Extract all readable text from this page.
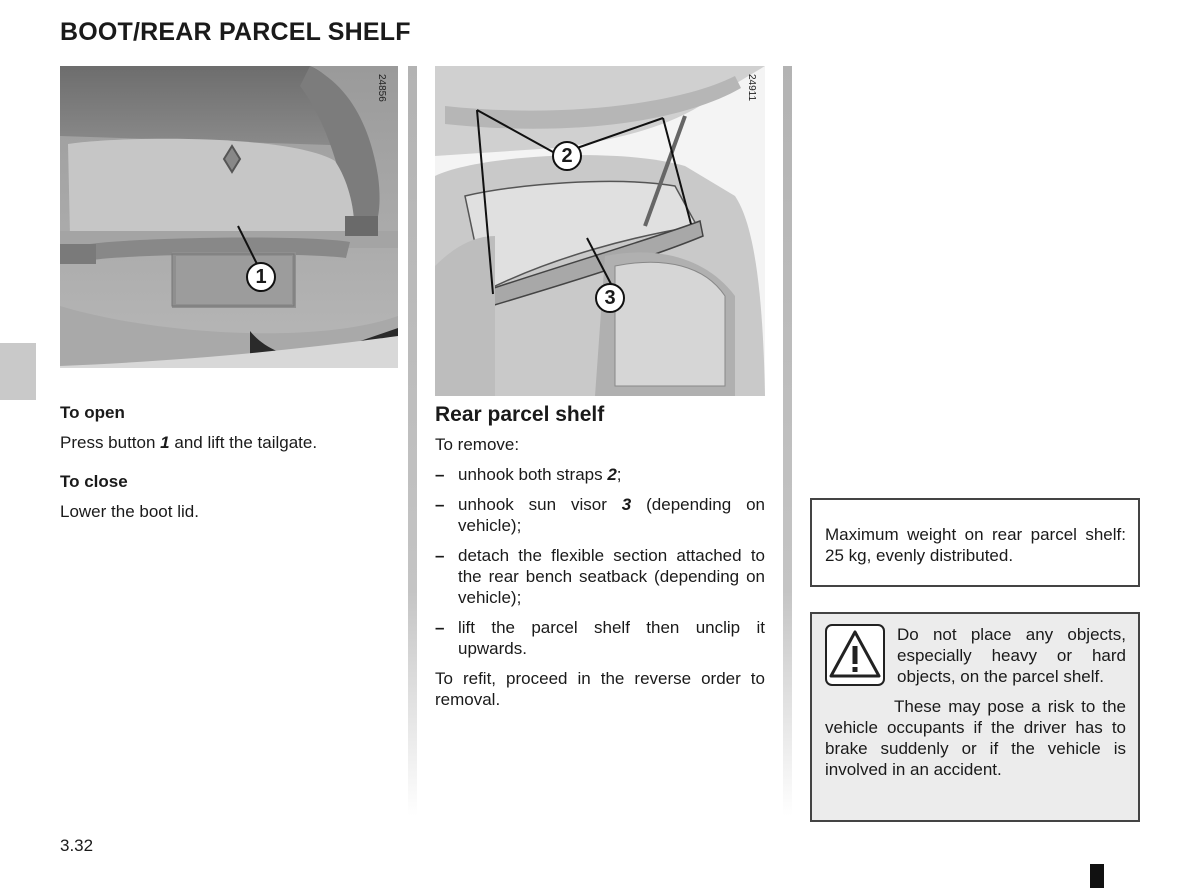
BOOT/REAR PARCEL SHELF
1
24856
2
3
24911

To open

Press button 1 and lift the tailgate.

To close

Lower the boot lid.

Rear parcel shelf

To remove:

– unhook both straps 2;
– unhook sun visor 3 (depending on vehicle);
– detach the flexible section attached to the rear bench seatback (depending on vehicle);
– lift the parcel shelf then unclip it upwards.

To refit, proceed in the reverse order to removal.

Maximum weight on rear parcel shelf: 25 kg, evenly distributed.

Do not place any objects, especially heavy or hard objects, on the parcel shelf.

These may pose a risk to the vehicle occupants if the driver has to brake suddenly or if the vehicle is involved in an accident.

3.32
